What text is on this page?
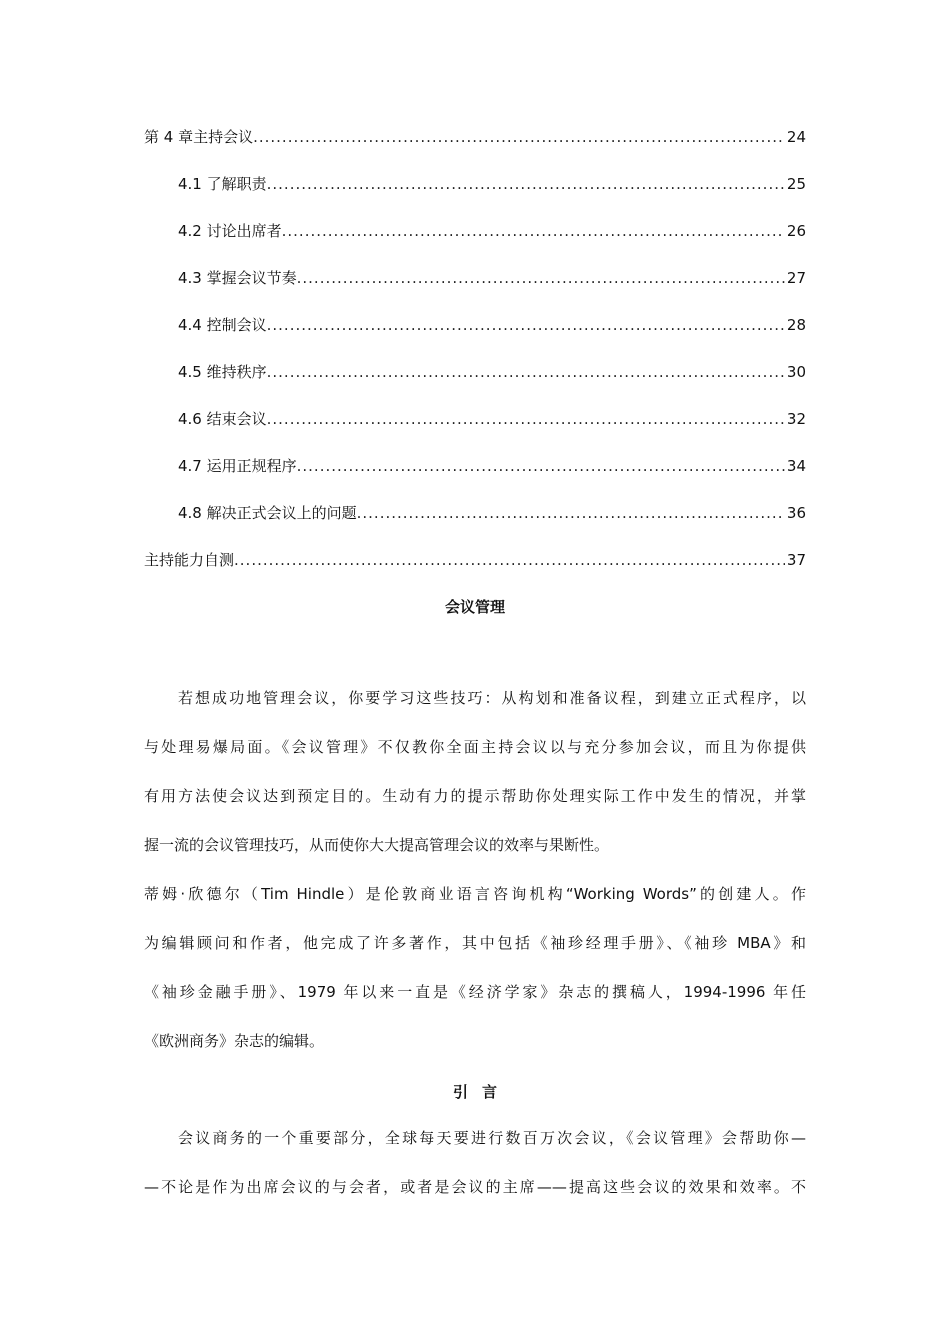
第 4 章主持会议 .....	24
4.1 了解职责 .....	25
4.2 讨论出席者 .....	26
4.3 掌握会议节奏 .....	27
4.4 控制会议 .....	28
4.5 维持秩序 .....	30
4.6 结束会议 .....	32
4.7 运用正规程序 .....	34
4.8 解决正式会议上的问题 .....	36
主持能力自测 .....	37
会议管理
若想成功地管理会议，你要学习这些技巧：从构划和准备议程，到建立正式程序，以
与处理易爆局面。《会议管理》不仅教你全面主持会议以与充分参加会议，而且为你提供
有用方法使会议达到预定目的。生动有力的提示帮助你处理实际工作中发生的情况，并掌
握一流的会议管理技巧，从而使你大大提高管理会议的效率与果断性。
蒂姆·欣德尔（Tim Hindle）是伦敦商业语言咨询机构“Working Words”的创建人。作
为编辑顾问和作者，他完成了许多著作，其中包括《袖珍经理手册》、《袖珍 MBA》和
《袖珍金融手册》、1979 年以来一直是《经济学家》杂志的撰稿人，1994-1996 年任
《欧洲商务》杂志的编辑。
引言
会议商务的一个重要部分，全球每天要进行数百万次会议，《会议管理》会帮助你—
—不论是作为出席会议的与会者，或者是会议的主席——提高这些会议的效果和效率。不
